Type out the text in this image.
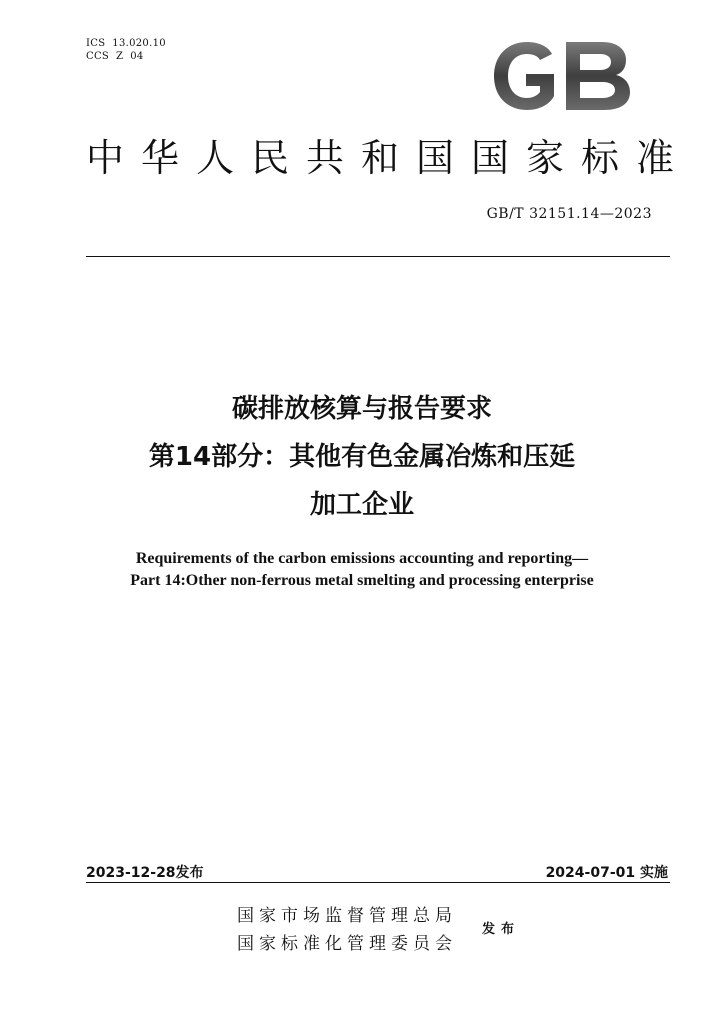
ICS  13.020.10
CCS  Z  04
中华人民共和国国家标准
GB/T 32151.14—2023
碳排放核算与报告要求
第14部分：其他有色金属冶炼和压延
加工企业
Requirements of the carbon emissions accounting and reporting—
Part 14:Other non-ferrous metal smelting and processing enterprise
2023-12-28发布	2024-07-01 实施
国家市场监督管理总局
国家标准化管理委员会
发布
